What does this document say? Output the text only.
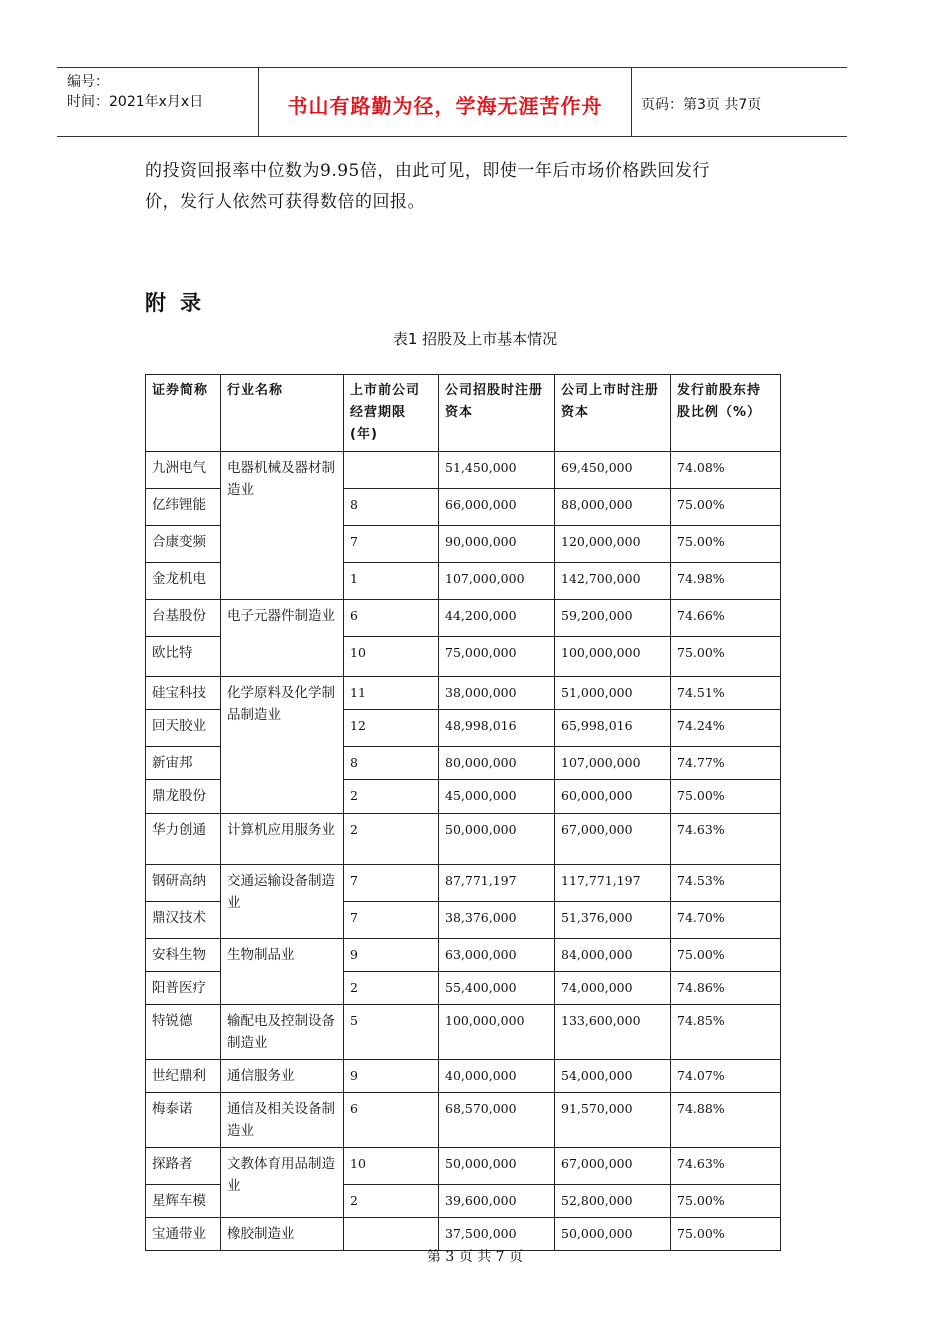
编号：
时间：2021年x月x日	书山有路勤为径，学海无涯苦作舟	页码：第3页 共7页
的投资回报率中位数为9.95倍，由此可见，即使一年后市场价格跌回发行
价，发行人依然可获得数倍的回报。
附录
表1 招股及上市基本情况
证券简称	行业名称	上市前公司经营期限(年)	公司招股时注册资本	公司上市时注册资本	发行前股东持股比例（%）
九洲电气	电器机械及器材制造业		51,450,000	69,450,000	74.08%
亿纬锂能		8	66,000,000	88,000,000	75.00%
合康变频		7	90,000,000	120,000,000	75.00%
金龙机电		1	107,000,000	142,700,000	74.98%
台基股份	电子元器件制造业	6	44,200,000	59,200,000	74.66%
欧比特		10	75,000,000	100,000,000	75.00%
硅宝科技	化学原料及化学制品制造业	11	38,000,000	51,000,000	74.51%
回天胶业		12	48,998,016	65,998,016	74.24%
新宙邦		8	80,000,000	107,000,000	74.77%
鼎龙股份		2	45,000,000	60,000,000	75.00%
华力创通	计算机应用服务业	2	50,000,000	67,000,000	74.63%
钢研高纳	交通运输设备制造业	7	87,771,197	117,771,197	74.53%
鼎汉技术		7	38,376,000	51,376,000	74.70%
安科生物	生物制品业	9	63,000,000	84,000,000	75.00%
阳普医疗		2	55,400,000	74,000,000	74.86%
特锐德	输配电及控制设备制造业	5	100,000,000	133,600,000	74.85%
世纪鼎利	通信服务业	9	40,000,000	54,000,000	74.07%
梅泰诺	通信及相关设备制造业	6	68,570,000	91,570,000	74.88%
探路者	文教体育用品制造业	10	50,000,000	67,000,000	74.63%
星辉车模		2	39,600,000	52,800,000	75.00%
宝通带业	橡胶制造业		37,500,000	50,000,000	75.00%
第 3 页 共 7 页
